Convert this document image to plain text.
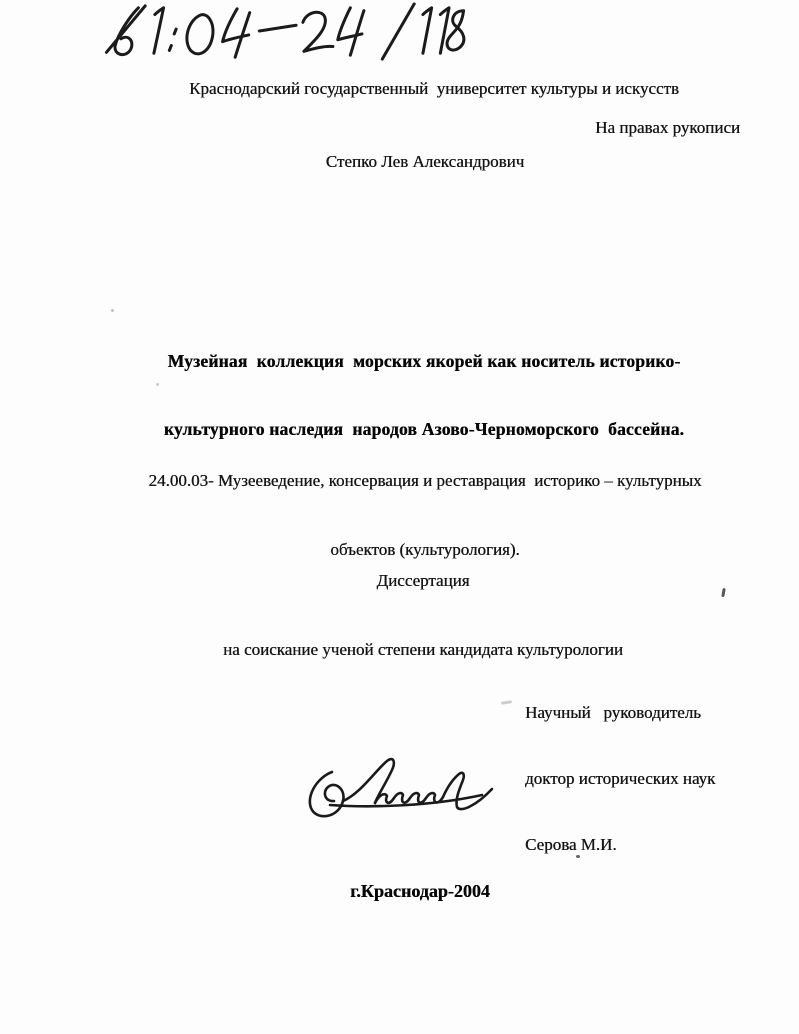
Краснодарский государственный  университет культуры и искусств
На правах рукописи
Степко Лев Александрович

Музейная  коллекция  морских якорей как носитель историко-

культурного наследия  народов Азово-Черноморского  бассейна.

24.00.03- Музееведение, консервация и реставрация  историко – культурных

объектов (культурология).

Диссертация

на соискание ученой степени кандидата культурологии

Научный   руководитель

доктор исторических наук

Серова М.И.

г.Краснодар-2004
